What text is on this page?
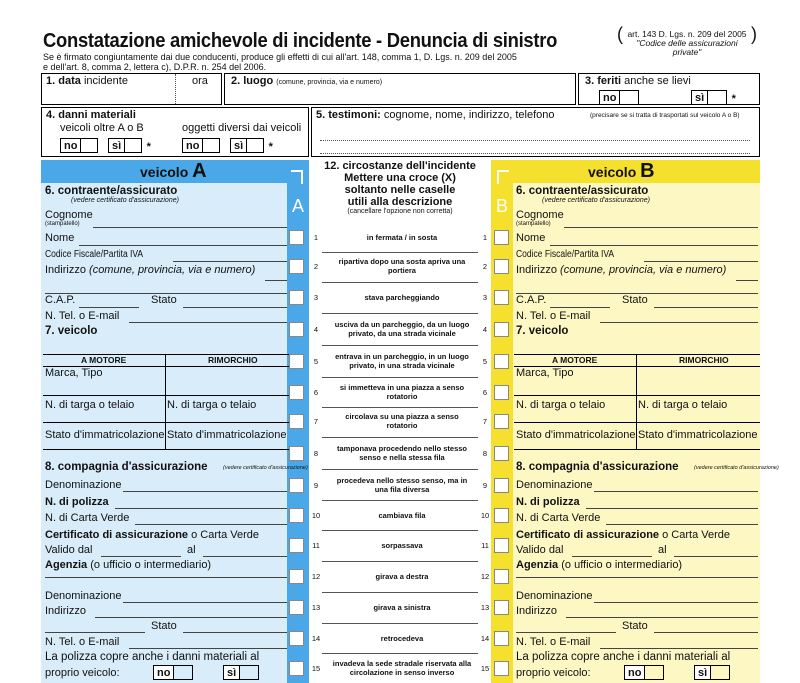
Constatazione amichevole di incidente - Denuncia di sinistro
Se è firmato congiuntamente dai due conducenti, produce gli effetti di cui all'art. 148, comma 1, D. Lgs. n. 209 del 2005
e dell'art. 8, comma 2, lettera c), D.P.R. n. 254 del 2006.
( art. 143 D. Lgs. n. 209 del 2005
"Codice delle assicurazioni private"
)
1. data incidente	ora 2. luogo (comune, provincia, via e numero)	3. feriti anche se lievi
no	sì *
4. danni materiali
veicoli oltre A o B	oggetti diversi dai veicoli
no	sì *	no	sì *
5. testimoni: cognome, nome, indirizzo, telefono	(precisare se si tratta di trasportati sul veicolo A o B)
veicolo A	veicolo B
A	B
6. contraente/assicurato
(vedere certificato d'assicurazione)
Cognome
(stampatello)
Nome
Codice Fiscale/Partita IVA
Indirizzo (comune, provincia, via e numero)
C.A.P.	Stato
N. Tel. o E-mail
7. veicolo
A MOTORE	RIMORCHIO
Marca, Tipo
N. di targa o telaio	N. di targa o telaio
Stato d'immatricolazione Stato d'immatricolazione
8. compagnia d'assicurazione	(vedere certificato d'assicurazione)
Denominazione
N. di polizza
N. di Carta Verde
Certificato di assicurazione o Carta Verde
Valido dal	al
Agenzia (o ufficio o intermediario)
Denominazione
Indirizzo
Stato
N. Tel. o E-mail
La polizza copre anche i danni materiali al
proprio veicolo:	no	sì
6. contraente/assicurato
(vedere certificato d'assicurazione)
Cognome
(stampatello)
Nome
Codice Fiscale/Partita IVA
Indirizzo (comune, provincia, via e numero)
C.A.P.	Stato
N. Tel. o E-mail
7. veicolo
A MOTORE	RIMORCHIO
Marca, Tipo
N. di targa o telaio	N. di targa o telaio
Stato d'immatricolazione Stato d'immatricolazione
8. compagnia d'assicurazione	(vedere certificato d'assicurazione)
Denominazione
N. di polizza
N. di Carta Verde
Certificato di assicurazione o Carta Verde
Valido dal	al
Agenzia (o ufficio o intermediario)
Denominazione
Indirizzo
Stato
N. Tel. o E-mail
La polizza copre anche i danni materiali al
proprio veicolo:	no	sì
12. circostanze dell'incidente
Mettere una croce (X)
soltanto nelle caselle
utili alla descrizione
(cancellare l'opzione non corretta)
1	1
in fermata / in sosta
2	2
ripartiva dopo una sosta apriva una portiera
3	3
stava parcheggiando
4	4
usciva da un parcheggio, da un luogo privato, da una strada vicinale
5	5
entrava in un parcheggio, in un luogo privato, in una strada vicinale
6	6
si immetteva in una piazza a senso rotatorio
7	7
circolava su una piazza a senso rotatorio
8	8
tamponava procedendo nello stesso senso e nella stessa fila
9	9
procedeva nello stesso senso, ma in una fila diversa
10	10
cambiava fila
11	11
sorpassava
12	12
girava a destra
13	13
girava a sinistra
14	14
retrocedeva
15	15
invadeva la sede stradale riservata alla circolazione in senso inverso
